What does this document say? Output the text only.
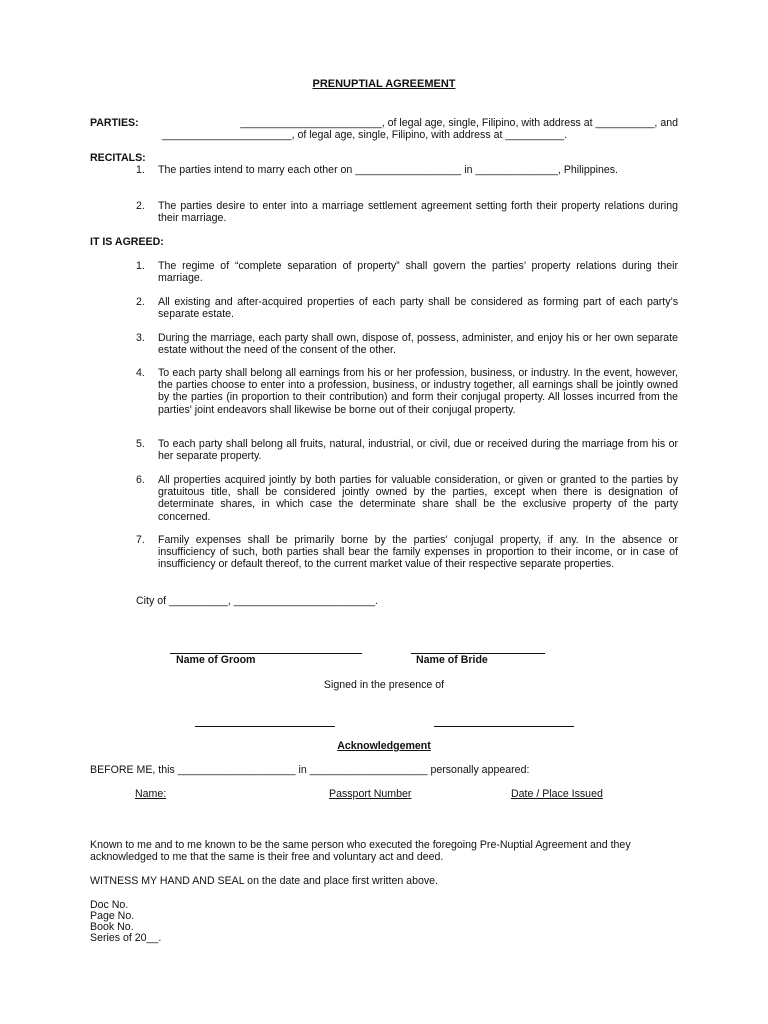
PRENUPTIAL AGREEMENT
PARTIES:	________________________, of legal age, single, Filipino, with address at __________, and
______________________, of legal age, single, Filipino, with address at __________.
RECITALS:
1.	The parties intend to marry each other on __________________ in ______________, Philippines.
2.	The parties desire to enter into a marriage settlement agreement setting forth their property relations during their marriage.
IT IS AGREED:
1.	The regime of “complete separation of property” shall govern the parties’ property relations during their marriage.
2.	All existing and after-acquired properties of each party shall be considered as forming part of each party’s separate estate.
3.	During the marriage, each party shall own, dispose of, possess, administer, and enjoy his or her own separate estate without the need of the consent of the other.
4.	To each party shall belong all earnings from his or her profession, business, or industry. In the event, however, the parties choose to enter into a profession, business, or industry together, all earnings shall be jointly owned by the parties (in proportion to their contribution) and form their conjugal property. All losses incurred from the parties' joint endeavors shall likewise be borne out of their conjugal property.
5.	To each party shall belong all fruits, natural, industrial, or civil, due or received during the marriage from his or her separate property.
6.	All properties acquired jointly by both parties for valuable consideration, or given or granted to the parties by gratuitous title, shall be considered jointly owned by the parties, except when there is designation of determinate shares, in which case the determinate share shall be the exclusive property of the party concerned.
7.	Family expenses shall be primarily borne by the parties' conjugal property, if any. In the absence or insufficiency of such, both parties shall bear the family expenses in proportion to their income, or in case of insufficiency or default thereof, to the current market value of their respective separate properties.
City of __________, ________________________.
Name of Groom	Name of Bride
Signed in the presence of
Acknowledgement
BEFORE ME, this ____________________ in ____________________ personally appeared:
Name:	Passport Number	Date / Place Issued
Known to me and to me known to be the same person who executed the foregoing Pre-Nuptial Agreement and they acknowledged to me that the same is their free and voluntary act and deed.
WITNESS MY HAND AND SEAL on the date and place first written above.
Doc No.
Page No.
Book No.
Series of 20__.
